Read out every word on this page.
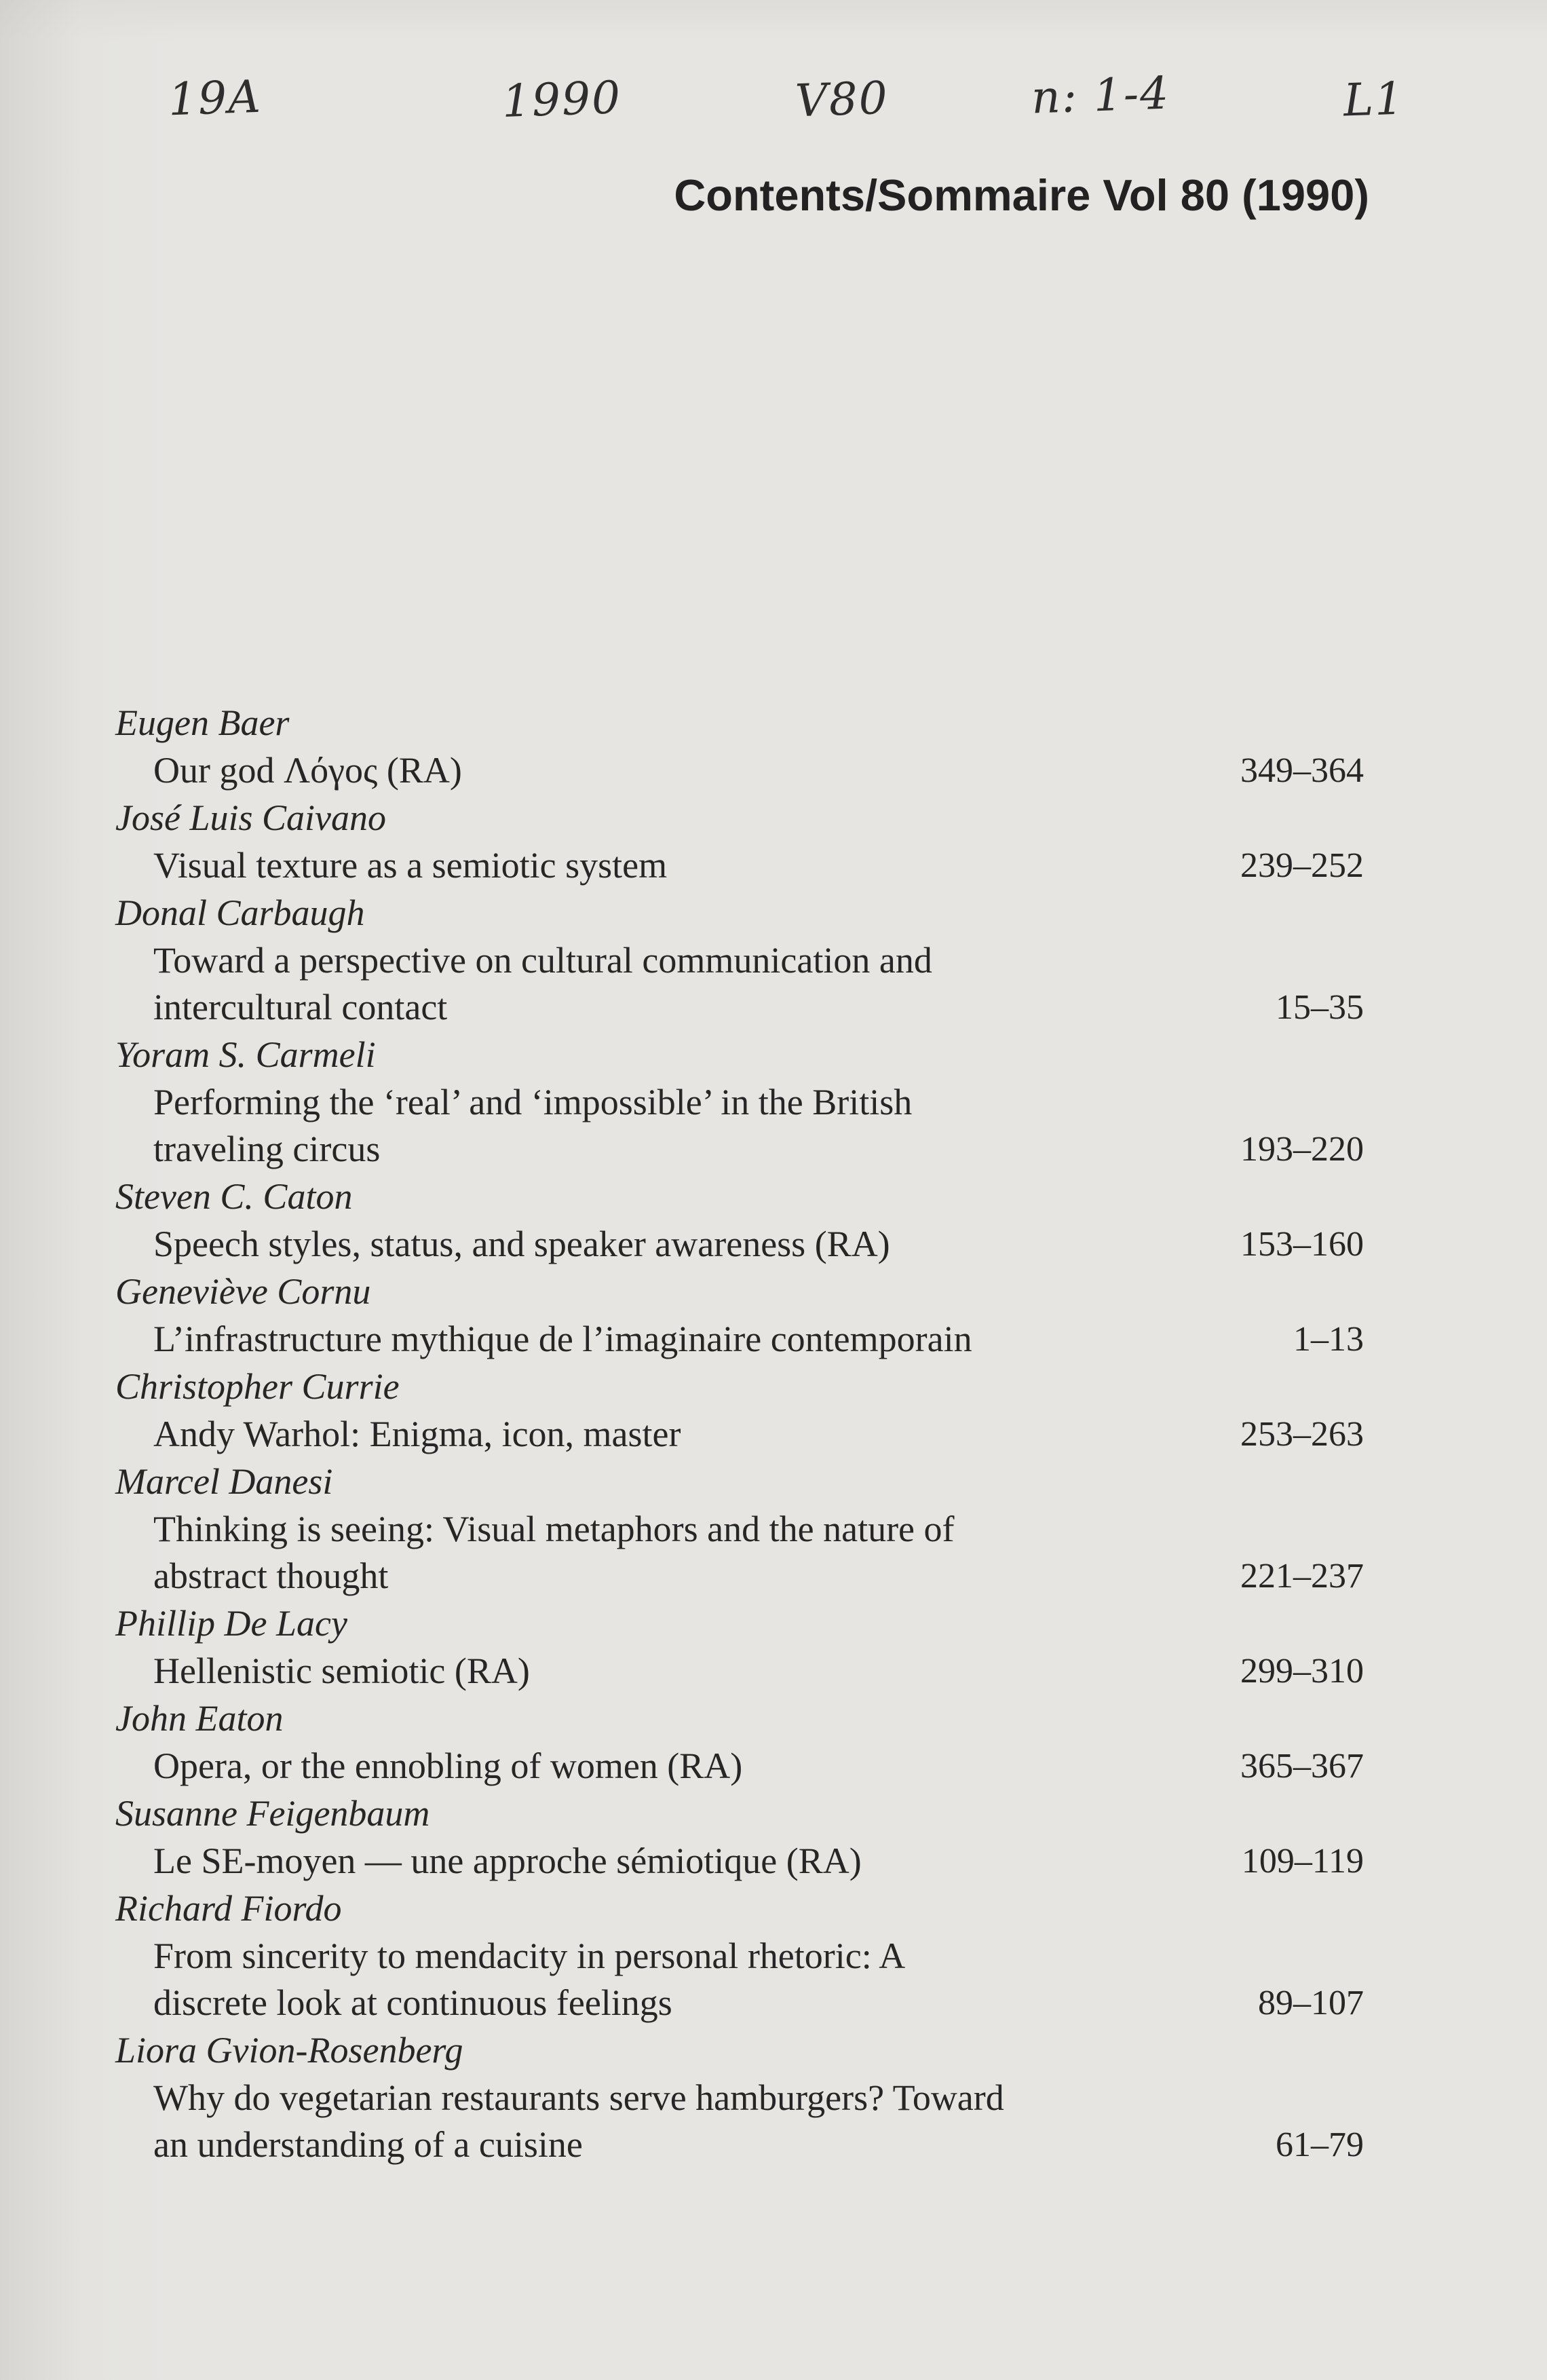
19A	1990	V80	n: 1-4	L1
Contents/Sommaire Vol 80 (1990)
Eugen Baer
Our god Λόγος (RA)	349–364
José Luis Caivano
Visual texture as a semiotic system	239–252
Donal Carbaugh
Toward a perspective on cultural communication and
intercultural contact	15–35
Yoram S. Carmeli
Performing the ‘real’ and ‘impossible’ in the British
traveling circus	193–220
Steven C. Caton
Speech styles, status, and speaker awareness (RA)	153–160
Geneviève Cornu
L’infrastructure mythique de l’imaginaire contemporain	1–13
Christopher Currie
Andy Warhol: Enigma, icon, master	253–263
Marcel Danesi
Thinking is seeing: Visual metaphors and the nature of
abstract thought	221–237
Phillip De Lacy
Hellenistic semiotic (RA)	299–310
John Eaton
Opera, or the ennobling of women (RA)	365–367
Susanne Feigenbaum
Le SE-moyen — une approche sémiotique (RA)	109–119
Richard Fiordo
From sincerity to mendacity in personal rhetoric: A
discrete look at continuous feelings	89–107
Liora Gvion-Rosenberg
Why do vegetarian restaurants serve hamburgers? Toward
an understanding of a cuisine	61–79
